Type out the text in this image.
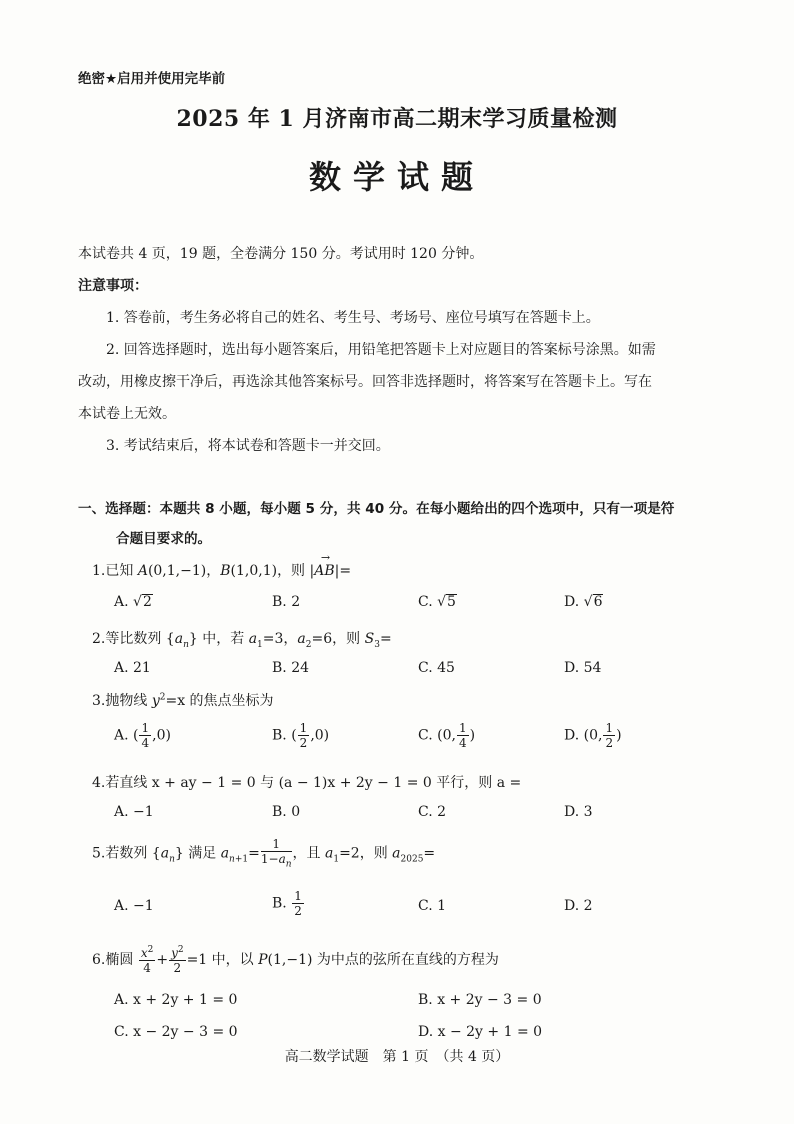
绝密★启用并使用完毕前
2025 年 1 月济南市高二期末学习质量检测
数学试题
本试卷共 4 页，19 题，全卷满分 150 分。考试用时 120 分钟。
注意事项：
1. 答卷前，考生务必将自己的姓名、考生号、考场号、座位号填写在答题卡上。
2. 回答选择题时，选出每小题答案后，用铅笔把答题卡上对应题目的答案标号涂黑。如需
改动，用橡皮擦干净后，再选涂其他答案标号。回答非选择题时，将答案写在答题卡上。写在
本试卷上无效。
3. 考试结束后，将本试卷和答题卡一并交回。
一、选择题：本题共 8 小题，每小题 5 分，共 40 分。在每小题给出的四个选项中，只有一项是符
合题目要求的。
1.已知 A(0,1,−1)，B(1,0,1)，则 |→ AB|=
A. √2	B. 2	C. √5	D. √6
2.等比数列 $\{a_n\}$ 中，若 $a_1=3$，$a_2=6$，则 $S_3=$
A. 21	B. 24	C. 45	D. 54
3.抛物线 $y^2=x$ 的焦点坐标为
A. ( $\frac{1}{4} ,0$)	B. ( $\frac{1}{2} ,0$)	C. (0, $\frac{1}{4}$ )	D. (0, $\frac{1}{2}$ )
4.若直线 x + ay − 1 = 0 与 (a − 1)x + 2y − 1 = 0 平行，则 a =
A. −1	B. 0	C. 2	D. 3
5.若数列 $\{a_n\}$ 满足 $a_{n+1}= \frac{1}{1-a_n}$ ，且 $a_1=2$，则 $a_{2025}=$
A. −1	B. $\frac{1}{2}$	C. 1	D. 2
6.椭圆 $\frac{x^2}{4} + \frac{y^2}{2} =1$ 中，以 P(1,−1) 为中点的弦所在直线的方程为
A. x + 2y + 1 = 0	B. x + 2y − 3 = 0
C. x − 2y − 3 = 0	D. x − 2y + 1 = 0
高二数学试题　第 1 页　（共 4 页）
